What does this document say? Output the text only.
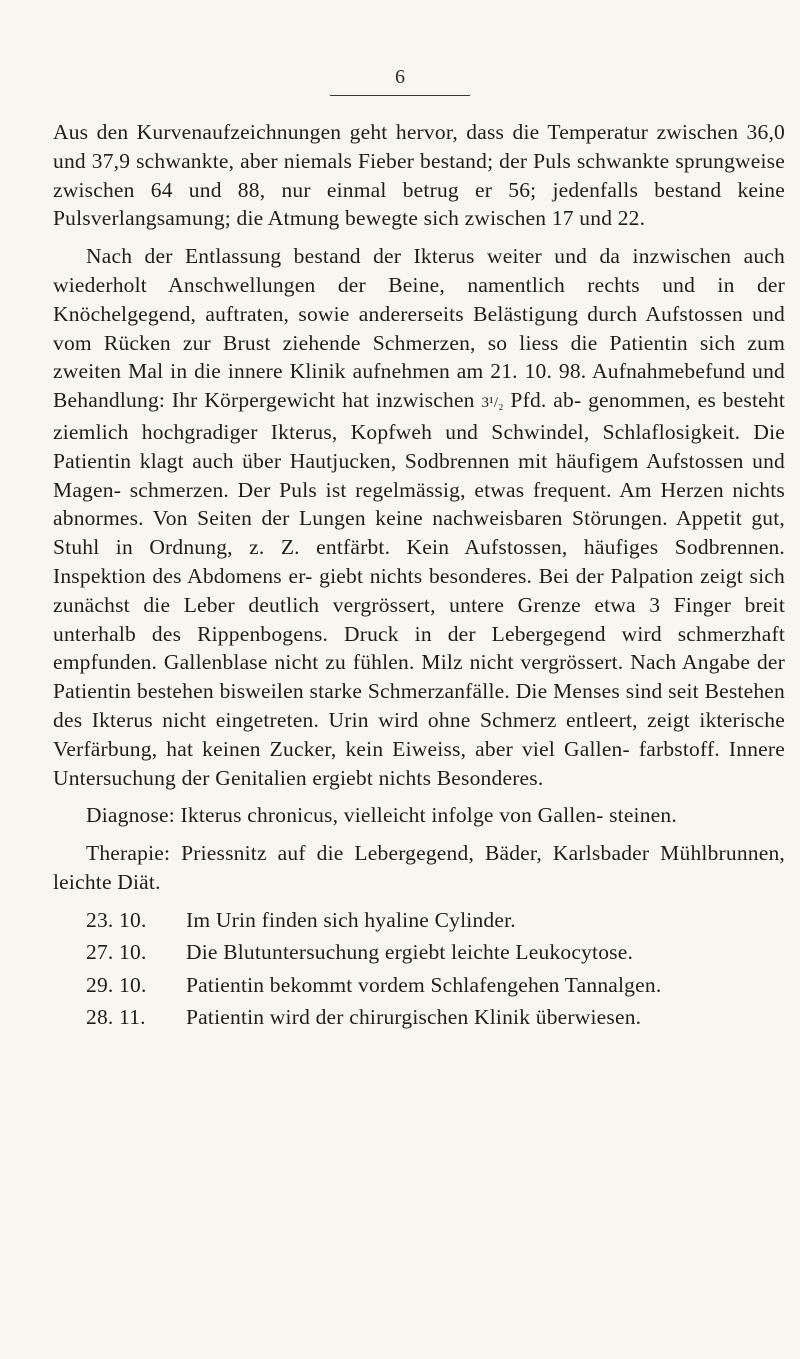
6

Aus den Kurvenaufzeichnungen geht hervor, dass die Temperatur zwischen 36,0 und 37,9 schwankte, aber niemals Fieber bestand; der Puls schwankte sprungweise zwischen 64 und 88, nur einmal betrug er 56; jedenfalls bestand keine Pulsverlangsamung; die Atmung bewegte sich zwischen 17 und 22.

Nach der Entlassung bestand der Ikterus weiter und da inzwischen auch wiederholt Anschwellungen der Beine, namentlich rechts und in der Knöchelgegend, auftraten, sowie andererseits Belästigung durch Aufstossen und vom Rücken zur Brust ziehende Schmerzen, so liess die Patientin sich zum zweiten Mal in die innere Klinik aufnehmen am 21. 10. 98. Aufnahmebefund und Behandlung: Ihr Körpergewicht hat inzwischen 3¹/₂ Pfd. ab- genommen, es besteht ziemlich hochgradiger Ikterus, Kopfweh und Schwindel, Schlaflosigkeit. Die Patientin klagt auch über Hautjucken, Sodbrennen mit häufigem Aufstossen und Magen- schmerzen. Der Puls ist regelmässig, etwas frequent. Am Herzen nichts abnormes. Von Seiten der Lungen keine nachweisbaren Störungen. Appetit gut, Stuhl in Ordnung, z. Z. entfärbt. Kein Aufstossen, häufiges Sodbrennen. Inspektion des Abdomens er- giebt nichts besonderes. Bei der Palpation zeigt sich zunächst die Leber deutlich vergrössert, untere Grenze etwa 3 Finger breit unterhalb des Rippenbogens. Druck in der Lebergegend wird schmerzhaft empfunden. Gallenblase nicht zu fühlen. Milz nicht vergrössert. Nach Angabe der Patientin bestehen bisweilen starke Schmerzanfälle. Die Menses sind seit Bestehen des Ikterus nicht eingetreten. Urin wird ohne Schmerz entleert, zeigt ikterische Verfärbung, hat keinen Zucker, kein Eiweiss, aber viel Gallen- farbstoff. Innere Untersuchung der Genitalien ergiebt nichts Besonderes.

Diagnose: Ikterus chronicus, vielleicht infolge von Gallen- steinen.

Therapie: Priessnitz auf die Lebergegend, Bäder, Karlsbader Mühlbrunnen, leichte Diät.

23. 10.	Im Urin finden sich hyaline Cylinder.
27. 10.	Die Blutuntersuchung ergiebt leichte Leukocytose.
29. 10.	Patientin bekommt vordem Schlafengehen Tannalgen.
28. 11.	Patientin wird der chirurgischen Klinik überwiesen.
